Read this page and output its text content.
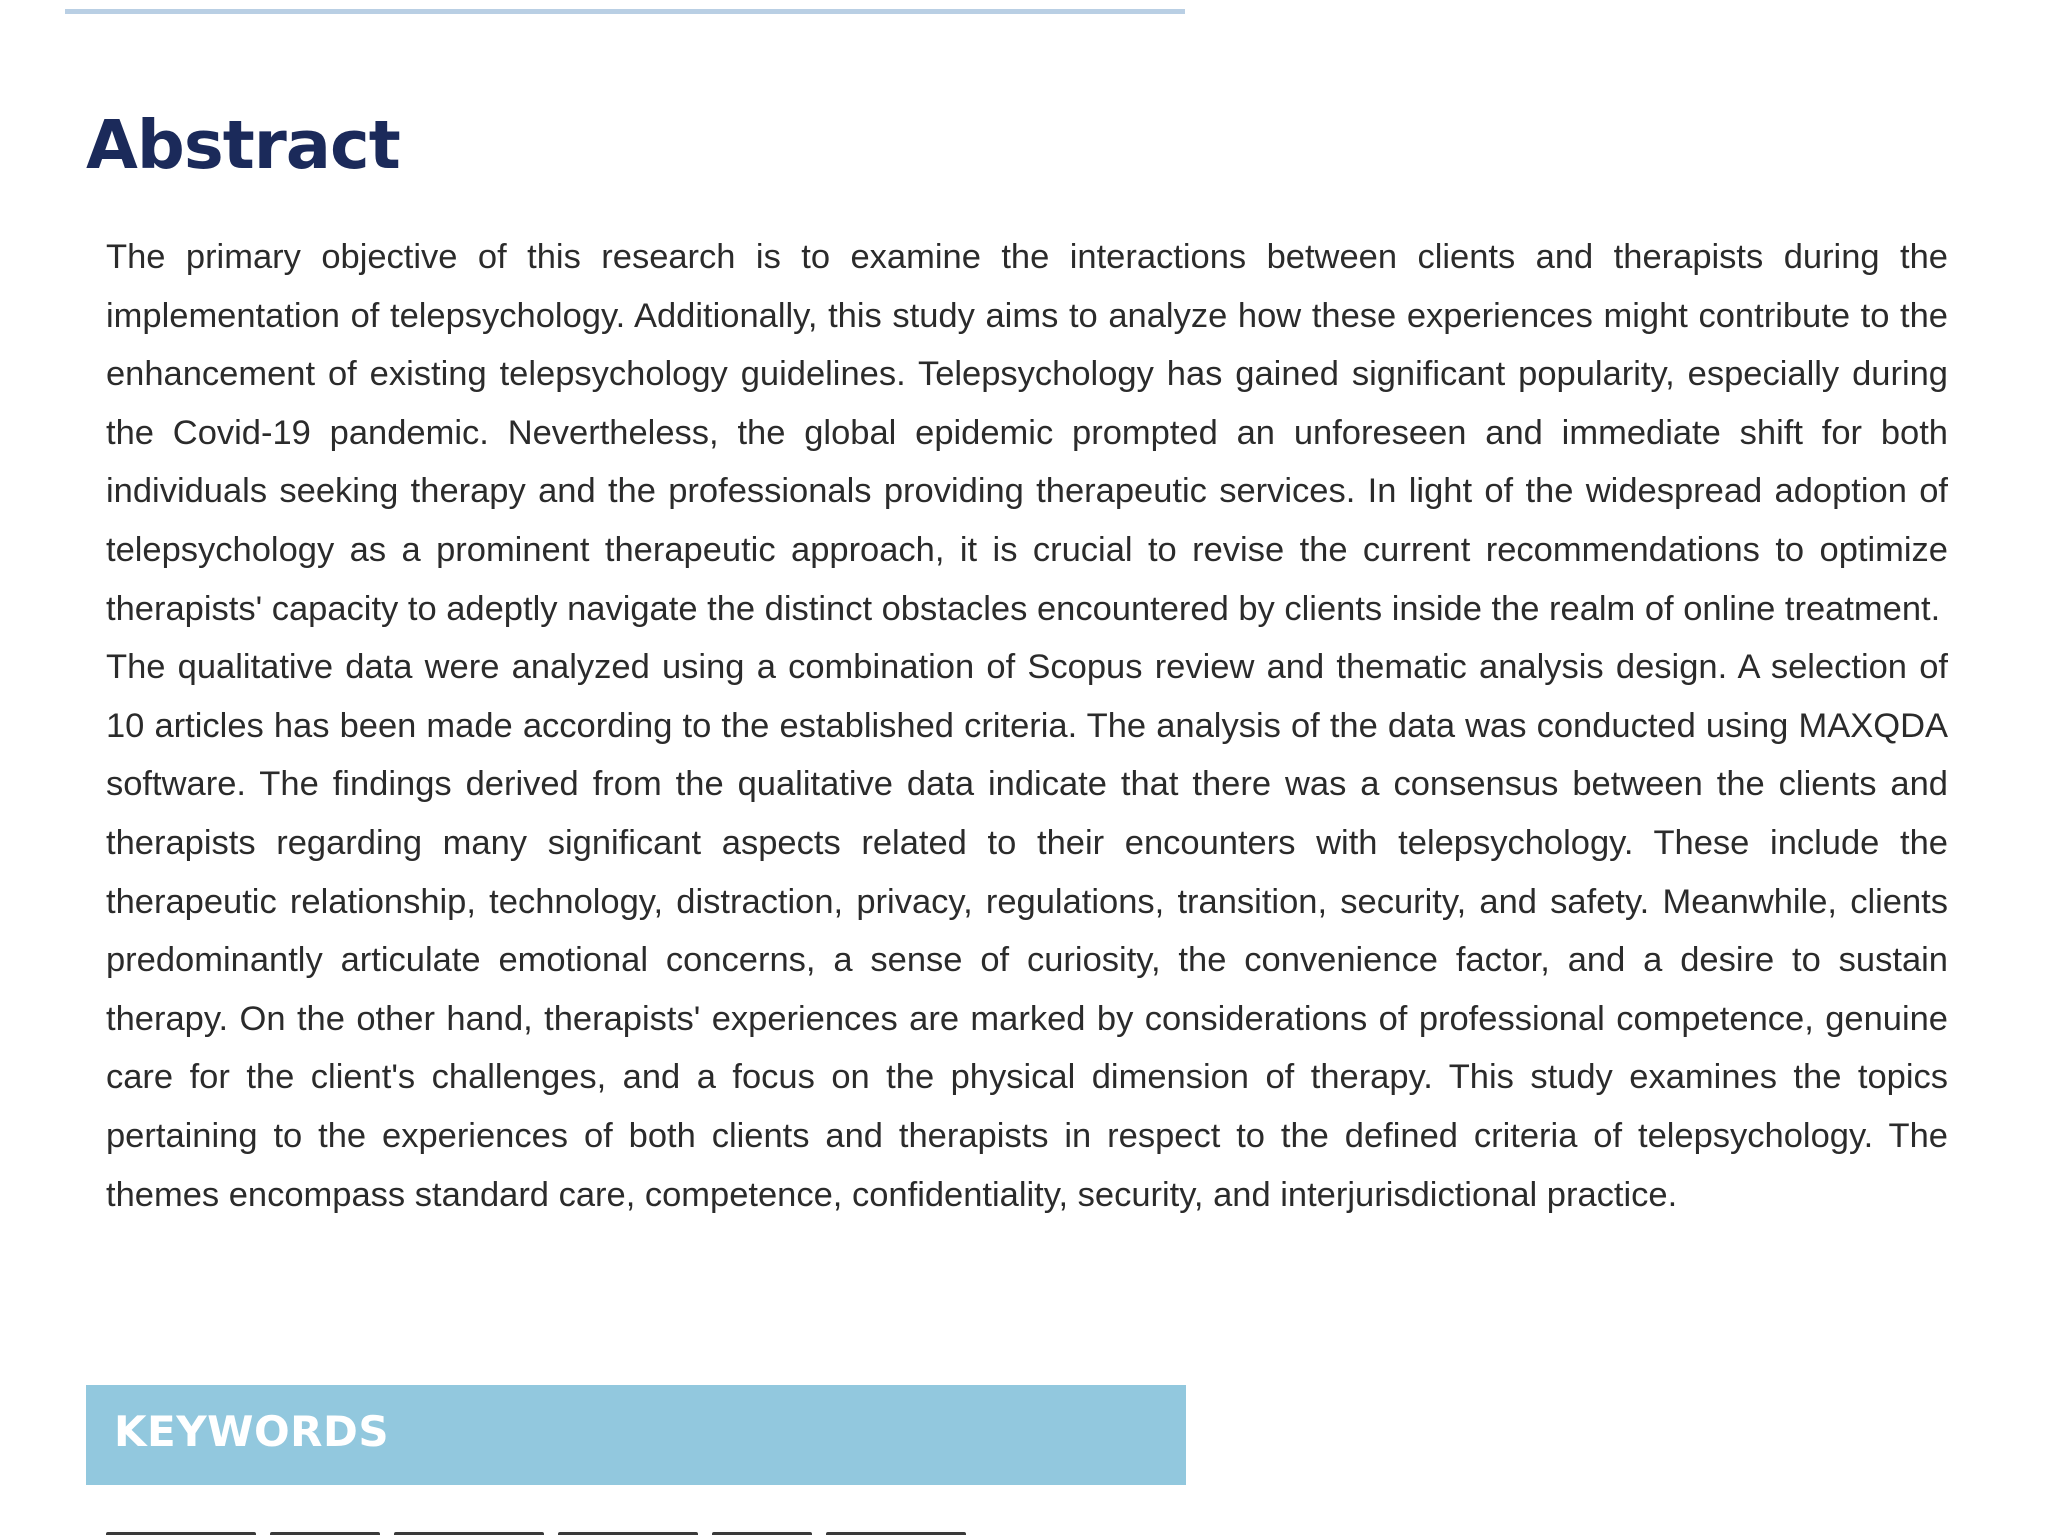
Abstract

The primary objective of this research is to examine the interactions between clients and therapists during the implementation of telepsychology. Additionally, this study aims to analyze how these experiences might contribute to the enhancement of existing telepsychology guidelines. Telepsychology has gained significant popularity, especially during the Covid-19 pandemic. Nevertheless, the global epidemic prompted an unforeseen and immediate shift for both individuals seeking therapy and the professionals providing therapeutic services. In light of the widespread adoption of telepsychology as a prominent therapeutic approach, it is crucial to revise the current recommendations to optimize therapists' capacity to adeptly navigate the distinct obstacles encountered by clients inside the realm of online treatment.

The qualitative data were analyzed using a combination of Scopus review and thematic analysis design. A selection of 10 articles has been made according to the established criteria. The analysis of the data was conducted using MAXQDA software. The findings derived from the qualitative data indicate that there was a consensus between the clients and therapists regarding many significant aspects related to their encounters with telepsychology. These include the therapeutic relationship, technology, distraction, privacy, regulations, transition, security, and safety. Meanwhile, clients predominantly articulate emotional concerns, a sense of curiosity, the convenience factor, and a desire to sustain therapy. On the other hand, therapists' experiences are marked by considerations of professional competence, genuine care for the client's challenges, and a focus on the physical dimension of therapy. This study examines the topics pertaining to the experiences of both clients and therapists in respect to the defined criteria of telepsychology. The themes encompass standard care, competence, confidentiality, security, and interjurisdictional practice.

KEYWORDS
